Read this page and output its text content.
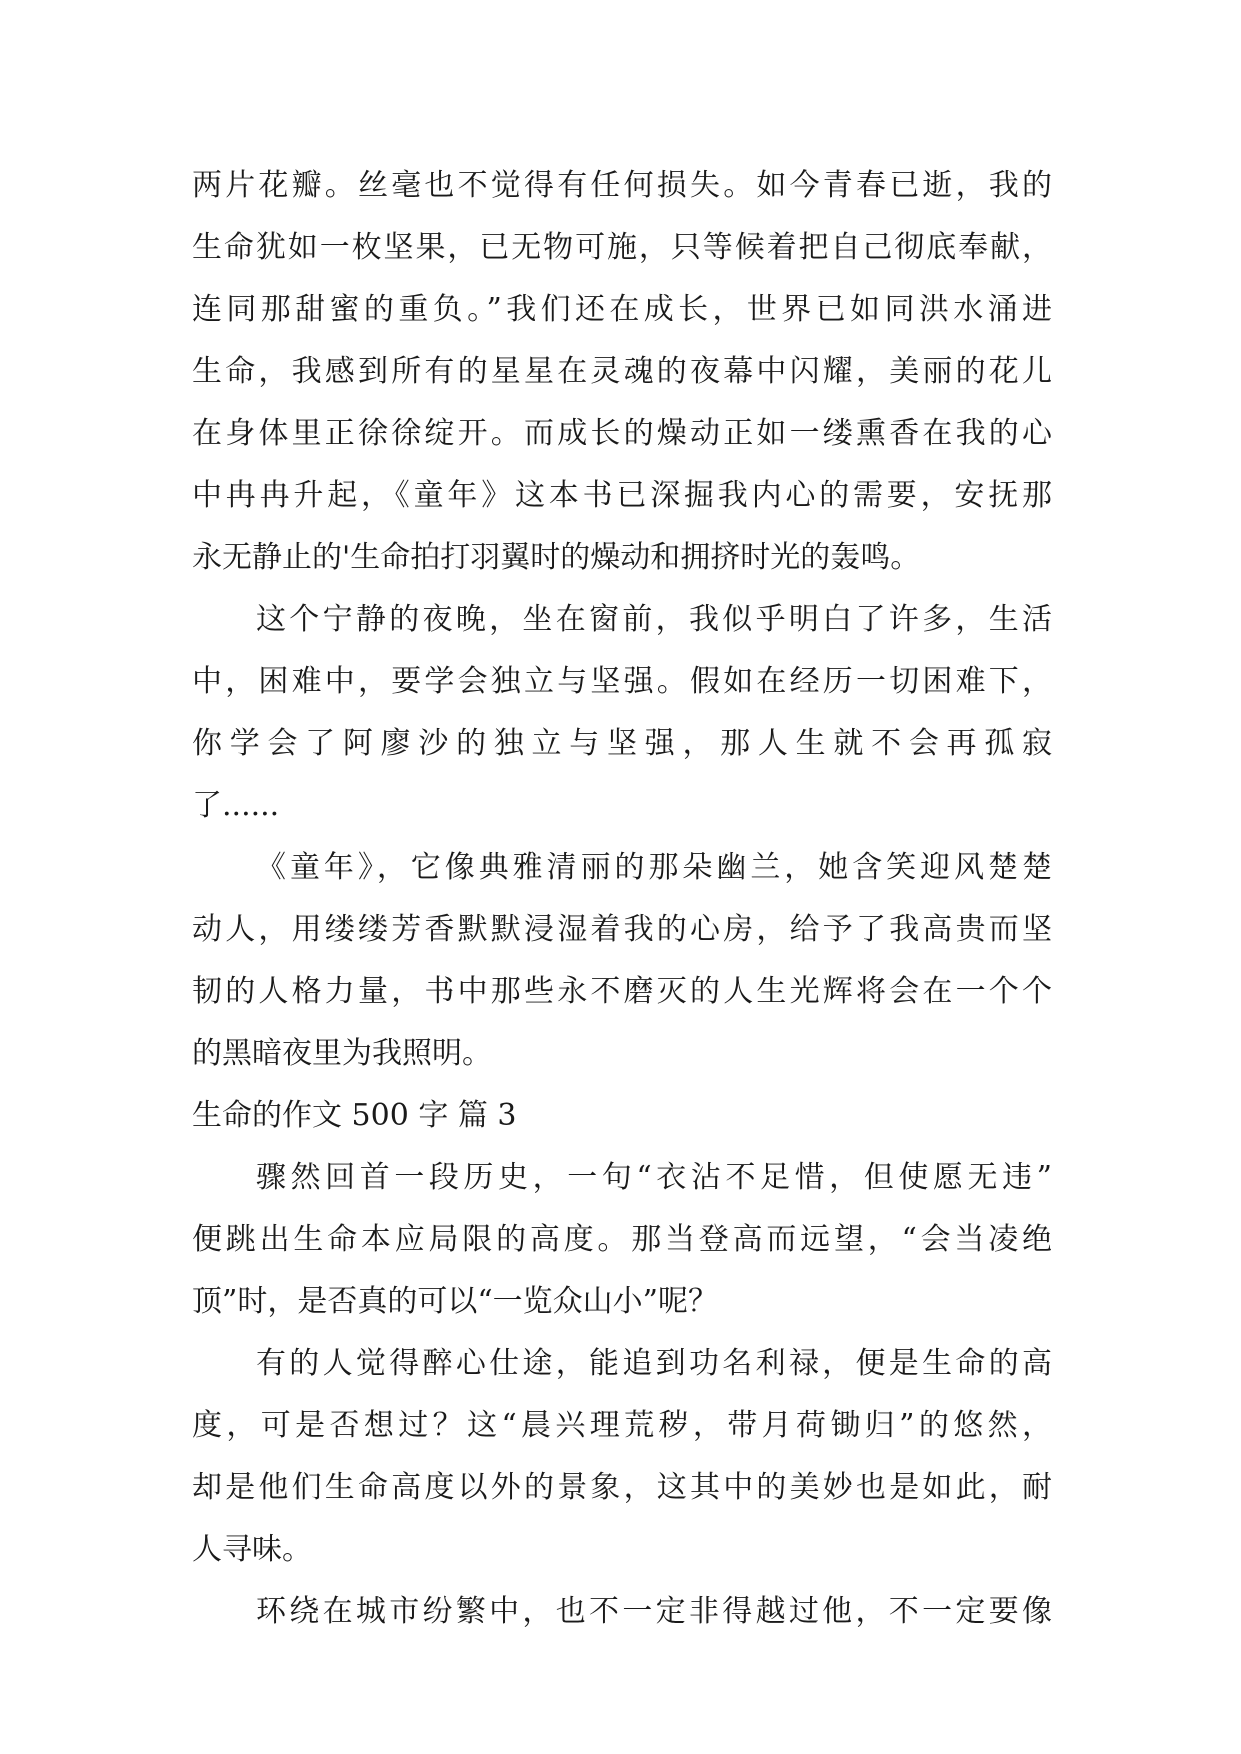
两片花瓣。丝毫也不觉得有任何损失。如今青春已逝，我的
生命犹如一枚坚果，已无物可施，只等候着把自己彻底奉献，
连同那甜蜜的重负。”我们还在成长，世界已如同洪水涌进
生命，我感到所有的星星在灵魂的夜幕中闪耀，美丽的花儿
在身体里正徐徐绽开。而成长的燥动正如一缕熏香在我的心
中冉冉升起，《童年》这本书已深掘我内心的需要，安抚那
永无静止的'生命拍打羽翼时的燥动和拥挤时光的轰鸣。
这个宁静的夜晚，坐在窗前，我似乎明白了许多，生活
中，困难中，要学会独立与坚强。假如在经历一切困难下，
你学会了阿廖沙的独立与坚强，那人生就不会再孤寂
了......
《童年》，它像典雅清丽的那朵幽兰，她含笑迎风楚楚
动人，用缕缕芳香默默浸湿着我的心房，给予了我高贵而坚
韧的人格力量，书中那些永不磨灭的人生光辉将会在一个个
的黑暗夜里为我照明。
生命的作文 500 字 篇 3
骤然回首一段历史，一句“衣沾不足惜，但使愿无违”
便跳出生命本应局限的高度。那当登高而远望，“会当凌绝
顶”时，是否真的可以“一览众山小”呢？
有的人觉得醉心仕途，能追到功名利禄，便是生命的高
度，可是否想过？这“晨兴理荒秽，带月荷锄归”的悠然，
却是他们生命高度以外的景象，这其中的美妙也是如此，耐
人寻味。
环绕在城市纷繁中，也不一定非得越过他，不一定要像
